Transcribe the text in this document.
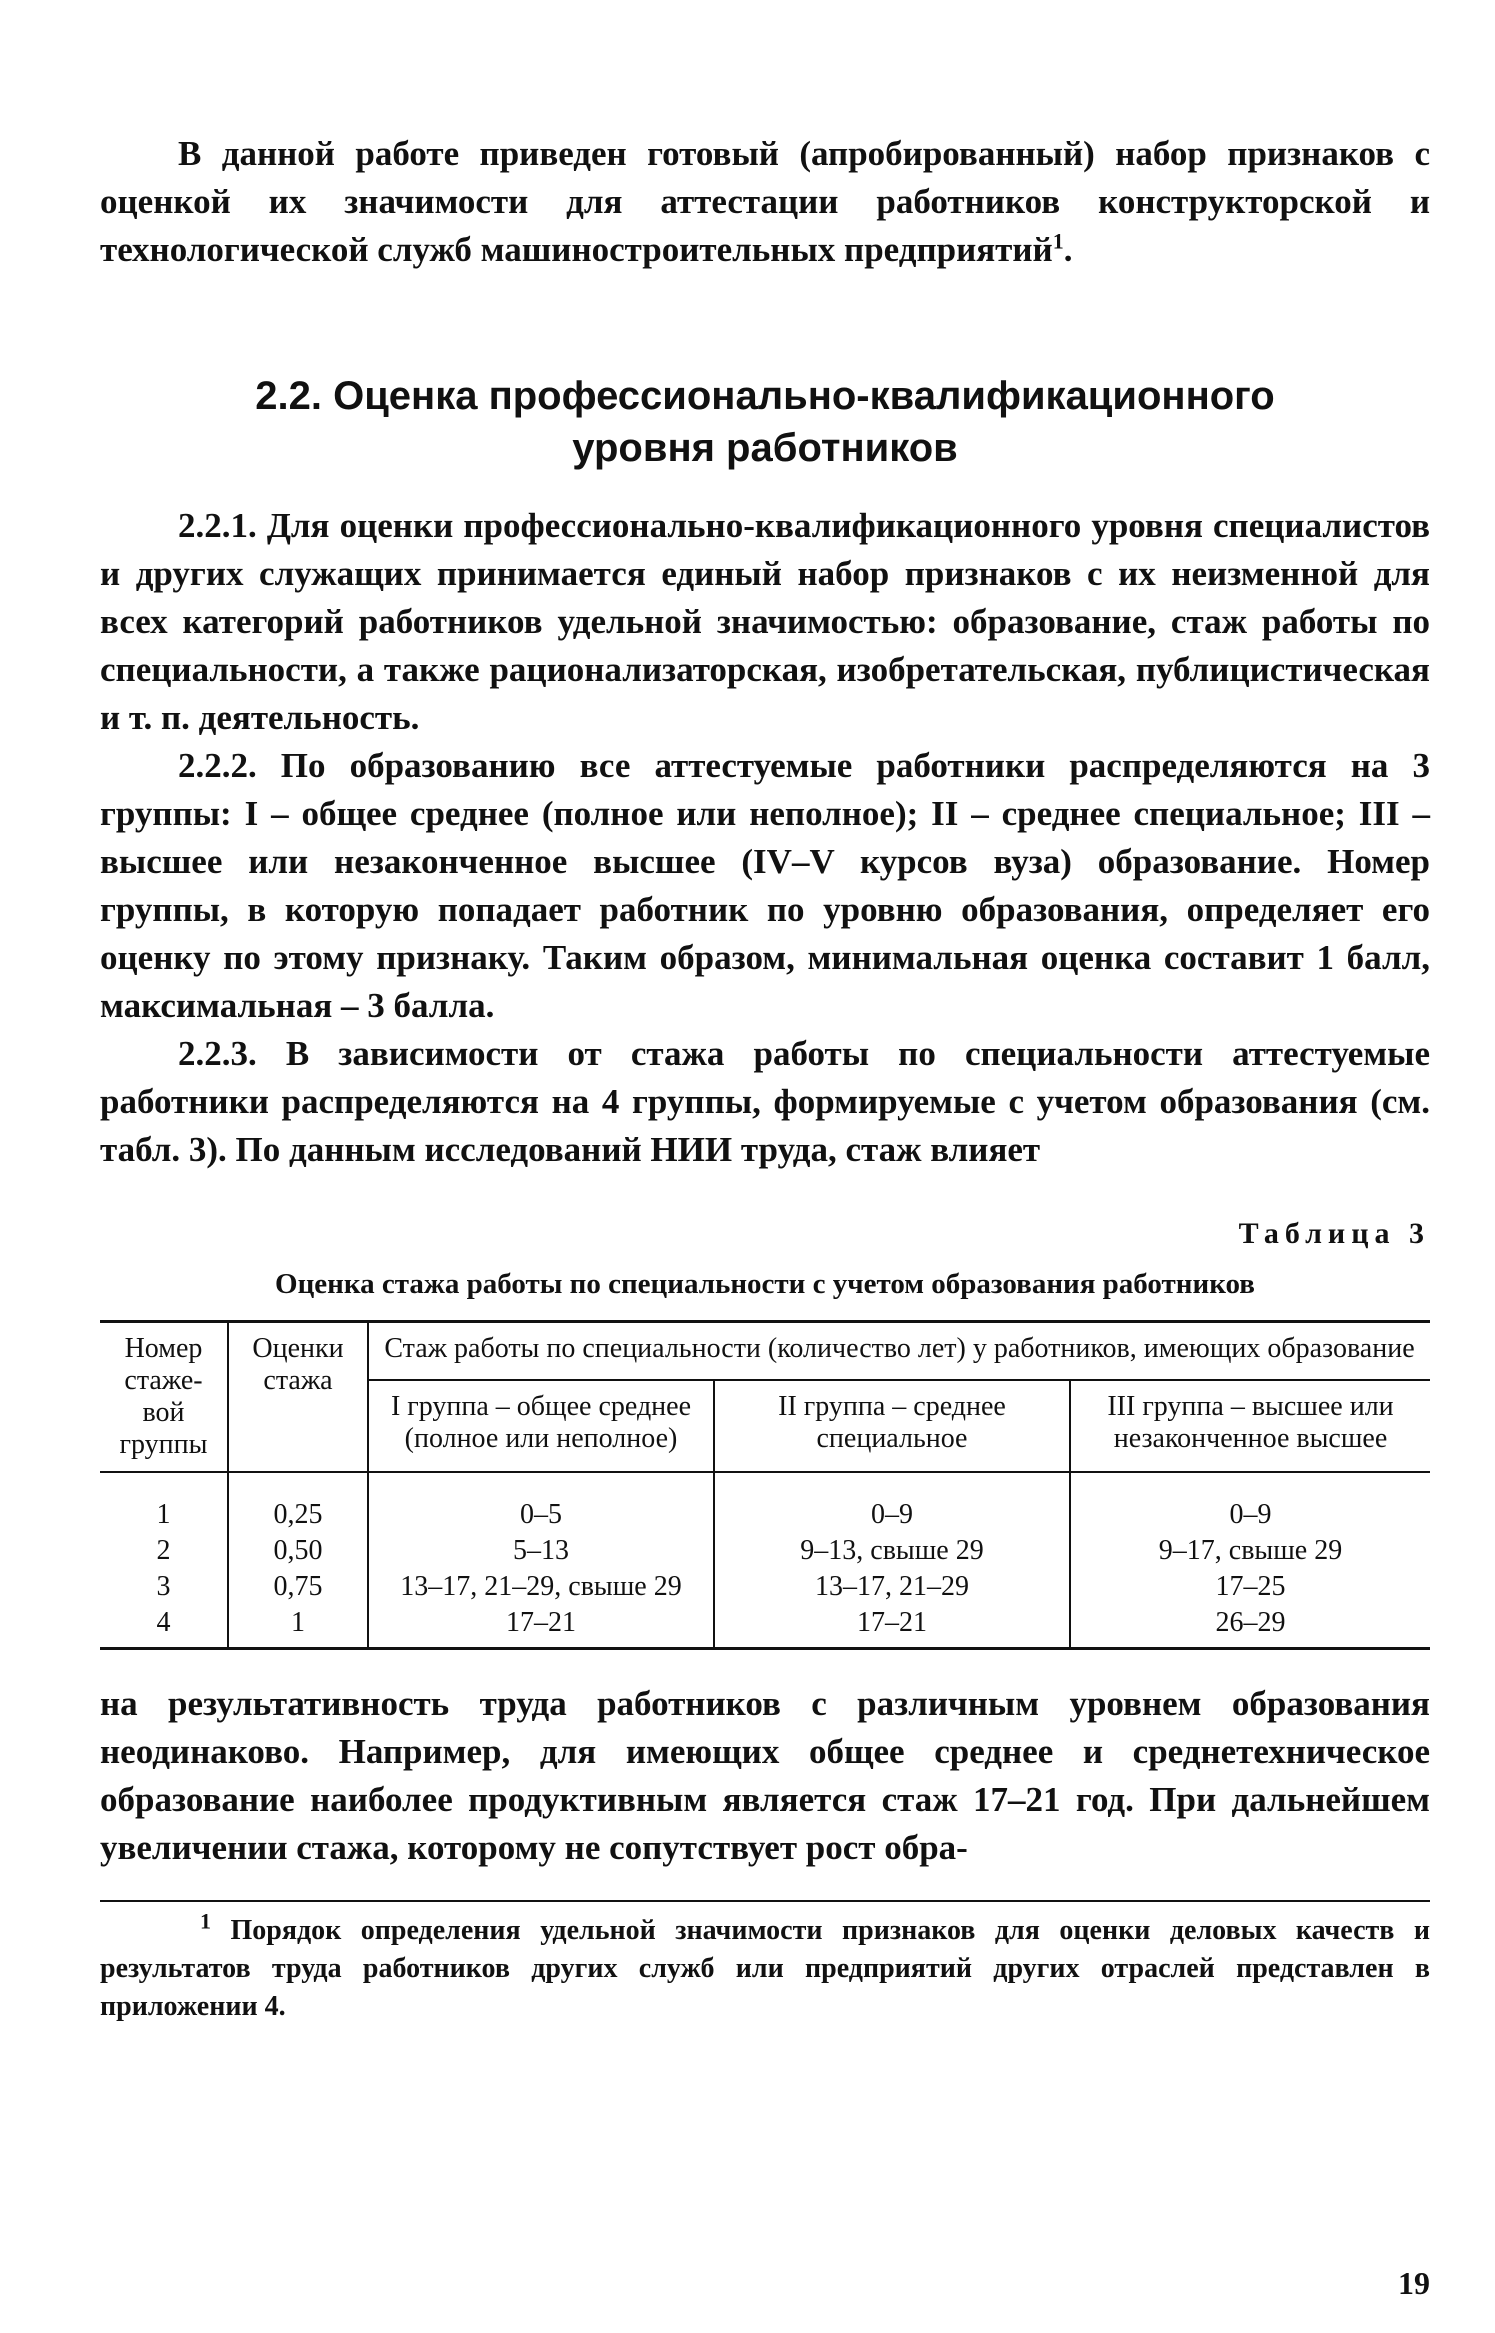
В данной работе приведен готовый (апробированный) набор признаков с оценкой их значимости для аттестации работников конструкторской и технологической служб машиностроительных предприятий$^1$.

2.2. Оценка профессионально-квалификационного
уровня работников

2.2.1. Для оценки профессионально-квалификационного уровня специалистов и других служащих принимается единый набор признаков с их неизменной для всех категорий работников удельной значимостью: образование, стаж работы по специальности, а также рационализаторская, изобретательская, публицистическая и т. п. деятельность.

2.2.2. По образованию все аттестуемые работники распределяются на 3 группы: I – общее среднее (полное или неполное); II – среднее специальное; III – высшее или незаконченное высшее (IV–V курсов вуза) образование. Номер группы, в которую попадает работник по уровню образования, определяет его оценку по этому признаку. Таким образом, минимальная оценка составит 1 балл, максимальная – 3 балла.

2.2.3. В зависимости от стажа работы по специальности аттестуемые работники распределяются на 4 группы, формируемые с учетом образования (см. табл. 3). По данным исследований НИИ труда, стаж влияет

Таблица 3
Оценка стажа работы по специальности с учетом образования работников
Номер стаже-вой группы	Оценки стажа	Стаж работы по специальности (количество лет) у работников, имеющих образование		
		I группа – общее среднее (полное или неполное)	II группа – среднее специальное	III группа – высшее или незаконченное высшее
1	0,25	0–5	0–9	0–9
2	0,50	5–13	9–13, свыше 29	9–17, свыше 29
3	0,75	13–17, 21–29, свыше 29	13–17, 21–29	17–25
4	1	17–21	17–21	26–29

на результативность труда работников с различным уровнем образования неодинаково. Например, для имеющих общее среднее и среднетехническое образование наиболее продуктивным является стаж 17–21 год. При дальнейшем увеличении стажа, которому не сопутствует рост обра-

$^1$ Порядок определения удельной значимости признаков для оценки деловых качеств и результатов труда работников других служб или предприятий других отраслей представлен в приложении 4.

19
